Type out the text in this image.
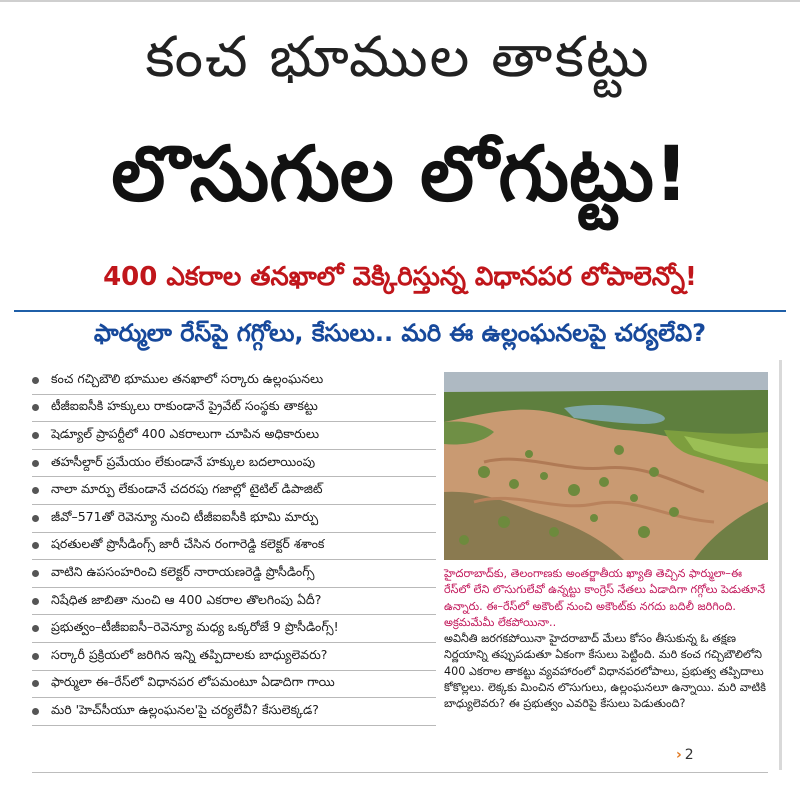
కంచ భూముల తాకట్టు
లొసుగుల లోగుట్టు!
400 ఎకరాల తనఖాలో వెక్కిరిస్తున్న విధానపర లోపాలెన్నో!
ఫార్ములా రేస్‌పై గగ్గోలు, కేసులు.. మరి ఈ ఉల్లంఘనలపై చర్యలేవి?
కంచ గచ్చిబౌలి భూముల తనఖాలో సర్కారు ఉల్లంఘనలు
టీజీఐఐసీకి హక్కులు రాకుండానే ప్రైవేట్ సంస్థకు తాకట్టు
షెడ్యూల్ ప్రాపర్టీలో 400 ఎకరాలుగా చూపిన అధికారులు
తహసీల్దార్ ప్రమేయం లేకుండానే హక్కుల బదలాయింపు
నాలా మార్పు లేకుండానే చదరపు గజాల్లో టైటిల్ డిపాజిట్
జీవో–571తో రెవెన్యూ నుంచి టీజీఐఐసీకి భూమి మార్పు
షరతులతో ప్రొసీడింగ్స్ జారీ చేసిన రంగారెడ్డి కలెక్టర్ శశాంక
వాటిని ఉపసంహరించి కలెక్టర్ నారాయణరెడ్డి ప్రొసీడింగ్స్
నిషేధిత జాబితా నుంచి ఆ 400 ఎకరాల తొలగింపు ఏదీ?
ప్రభుత్వం–టీజీఐఐసీ–రెవెన్యూ మధ్య ఒక్కరోజే 9 ప్రొసీడింగ్స్!
సర్కారీ ప్రక్రియలో జరిగిన ఇన్ని తప్పిదాలకు బాధ్యులెవరు?
ఫార్ములా ఈ–రేస్‌లో విధానపర లోపమంటూ ఏడాదిగా గాయి
మరి 'హెచ్‌సీయూ ఉల్లంఘనల'పై చర్యలేవీ? కేసులెక్కడ?

హైదరాబాద్‌కు, తెలంగాణకు అంతర్జాతీయ ఖ్యాతి తెచ్చిన ఫార్ములా–ఈ రేస్‌లో లేని లొసుగులేవో ఉన్నట్టు కాంగ్రెస్ నేతలు ఏడాదిగా గగ్గోలు పెడుతూనే ఉన్నారు. ఈ–రేస్‌లో అకౌంట్ నుంచి అకౌంట్‌కు నగదు బదిలీ జరిగింది. అక్రమమేమీ లేకపోయినా..

అవినీతి జరగకపోయినా హైదరాబాద్ మేలు కోసం తీసుకున్న ఓ తక్షణ నిర్ణయాన్ని తప్పుపడుతూ ఏకంగా కేసులు పెట్టింది. మరి కంచ గచ్చిబౌలిలోని 400 ఎకరాల తాకట్టు వ్యవహారంలో విధానపరలోపాలు, ప్రభుత్వ తప్పిదాలు కోకొల్లలు. లెక్కకు మించిన లొసుగులు, ఉల్లంఘనలూ ఉన్నాయి. మరి వాటికి బాధ్యులెవరు? ఈ ప్రభుత్వం ఎవరిపై కేసులు పెడుతుంది?

› 2
